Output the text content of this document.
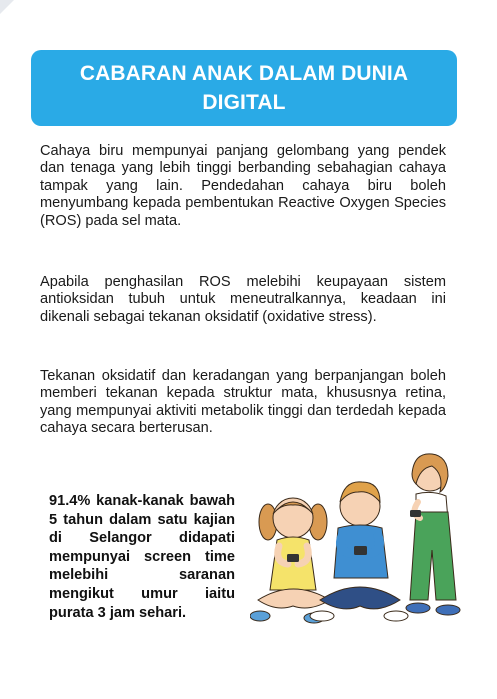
CABARAN ANAK DALAM DUNIA DIGITAL

Cahaya biru mempunyai panjang gelombang yang pendek dan tenaga yang lebih tinggi berbanding sebahagian cahaya tampak yang lain. Pendedahan cahaya biru boleh menyumbang kepada pembentukan Reactive Oxygen Species (ROS) pada sel mata.

Apabila penghasilan ROS melebihi keupayaan sistem antioksidan tubuh untuk meneutralkannya, keadaan ini dikenali sebagai tekanan oksidatif (oxidative stress).

Tekanan oksidatif dan keradangan yang berpanjangan boleh memberi tekanan kepada struktur mata, khususnya retina, yang mempunyai aktiviti metabolik tinggi dan terdedah kepada cahaya secara berterusan.

91.4% kanak-kanak bawah 5 tahun dalam satu kajian di Selangor didapati mempunyai screen time melebihi saranan mengikut umur iaitu purata 3 jam sehari.
